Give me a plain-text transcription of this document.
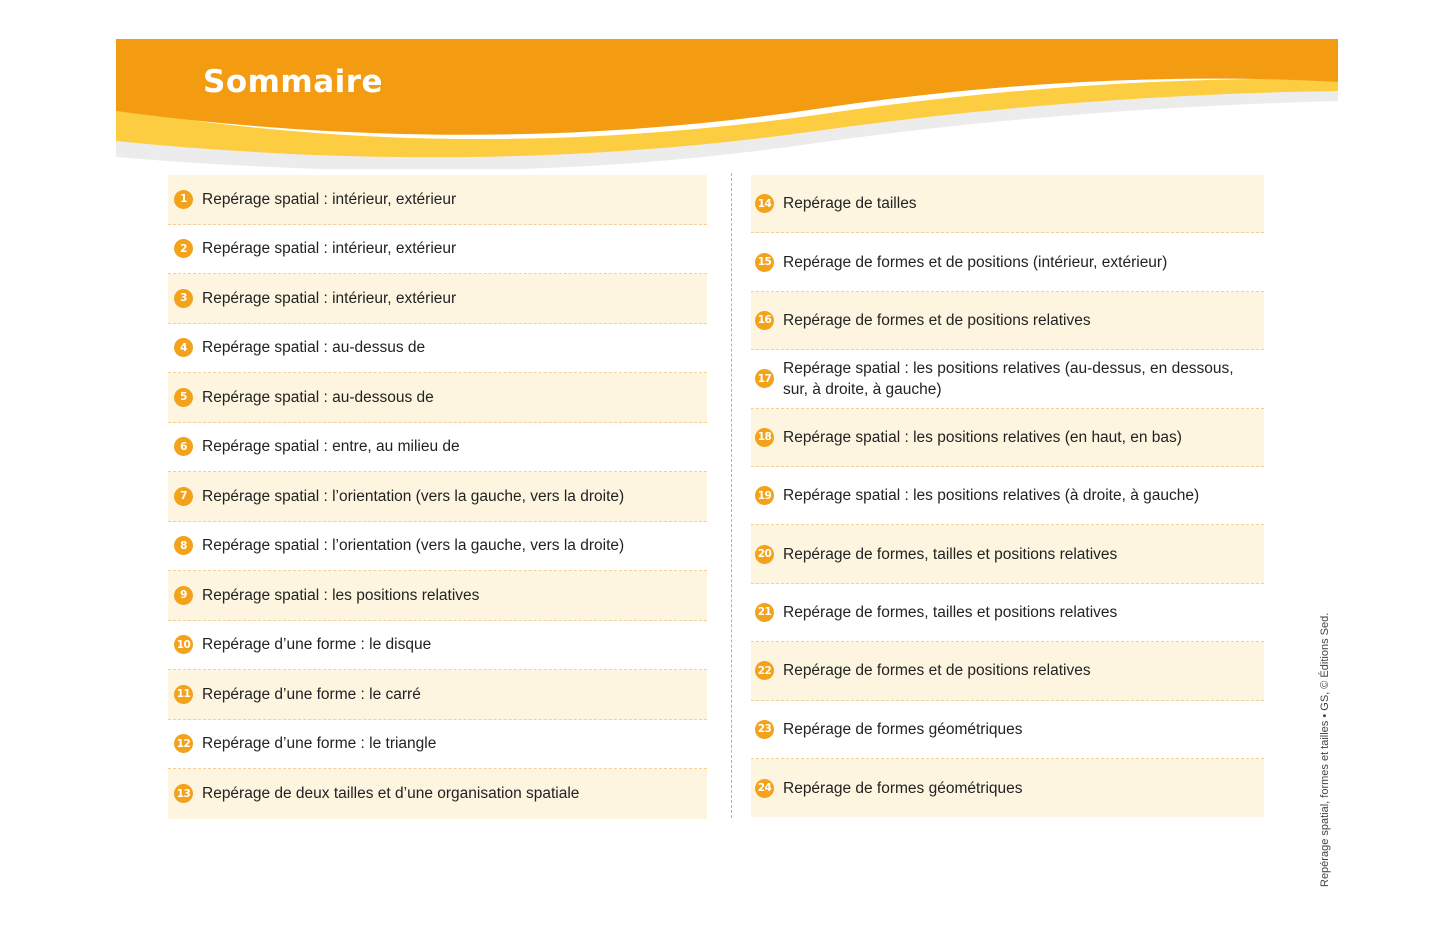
Sommaire
1 Repérage spatial : intérieur, extérieur
2 Repérage spatial : intérieur, extérieur
3 Repérage spatial : intérieur, extérieur
4 Repérage spatial : au-dessus de
5 Repérage spatial : au-dessous de
6 Repérage spatial : entre, au milieu de
7 Repérage spatial : l’orientation (vers la gauche, vers la droite)
8 Repérage spatial : l’orientation (vers la gauche, vers la droite)
9 Repérage spatial : les positions relatives
10 Repérage d’une forme : le disque
11 Repérage d’une forme : le carré
12 Repérage d’une forme : le triangle
13 Repérage de deux tailles et d’une organisation spatiale
14 Repérage de tailles
15 Repérage de formes et de positions (intérieur, extérieur)
16 Repérage de formes et de positions relatives
17
Repérage spatial : les positions relatives (au-dessus, en dessous, sur, à droite, à gauche)
18 Repérage spatial : les positions relatives (en haut, en bas)
19 Repérage spatial : les positions relatives (à droite, à gauche)
20 Repérage de formes, tailles et positions relatives
21 Repérage de formes, tailles et positions relatives
22 Repérage de formes et de positions relatives
23 Repérage de formes géométriques
24 Repérage de formes géométriques	Repérage spatial, formes et tailles • GS, © Éditions Sed.
